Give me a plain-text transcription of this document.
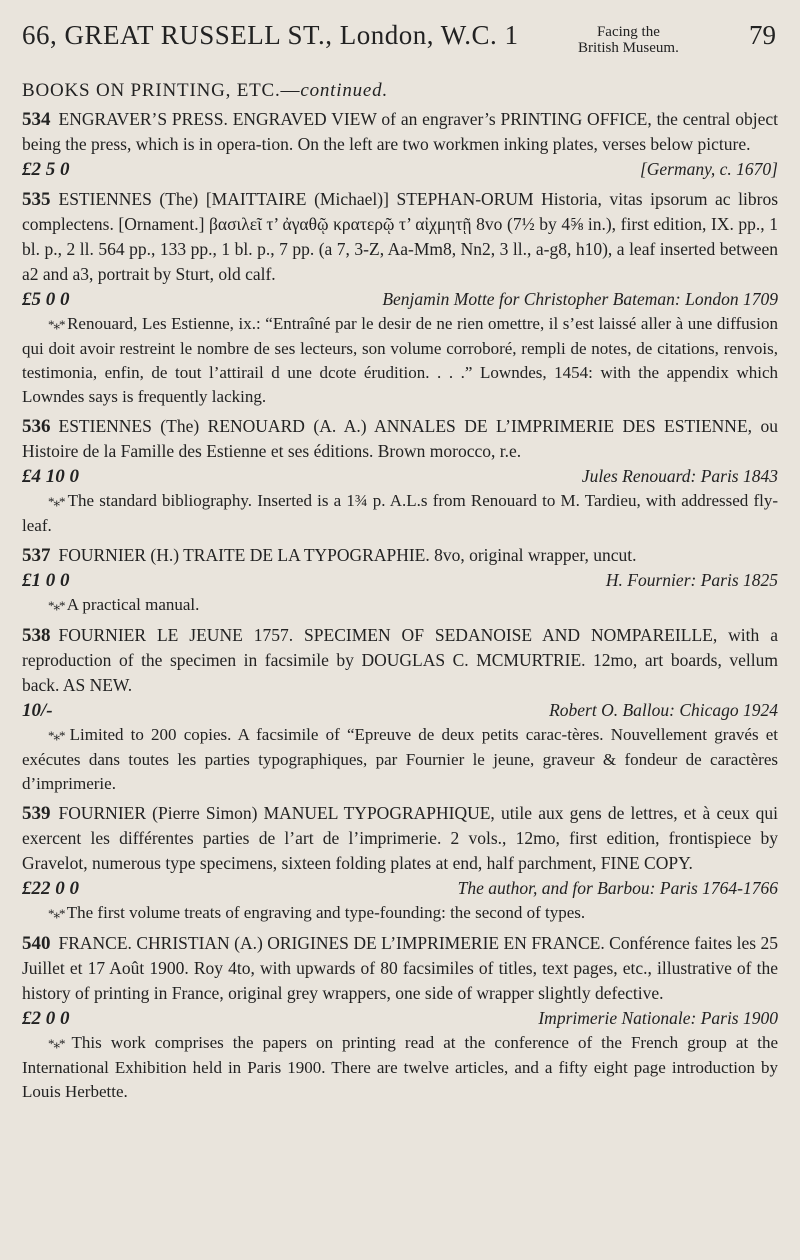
66, GREAT RUSSELL ST., London, W.C. 1	Facing the
British Museum.	79
BOOKS ON PRINTING, ETC.—continued.

534 ENGRAVER’S PRESS. ENGRAVED VIEW of an engraver’s PRINTING OFFICE, the central object being the press, which is in opera-tion. On the left are two workmen inking plates, verses below picture.

£2 5 0	[Germany, c. 1670]

535 ESTIENNES (The) [MAITTAIRE (Michael)] STEPHAN-ORUM Historia, vitas ipsorum ac libros complectens. [Ornament.] βασιλεῖ τ’ ἀγαθῷ κρατερῷ τ’ αἰχμητῇ 8vo (7½ by 4⅝ in.), first edition, IX. pp., 1 bl. p., 2 ll. 564 pp., 133 pp., 1 bl. p., 7 pp. (a 7, 3-Z, Aa-Mm8, Nn2, 3 ll., a-g8, h10), a leaf inserted between a2 and a3, portrait by Sturt, old calf.

£5 0 0	Benjamin Motte for Christopher Bateman: London 1709

*⁎* Renouard, Les Estienne, ix.: “Entraîné par le desir de ne rien omettre, il s’est laissé aller à une diffusion qui doit avoir restreint le nombre de ses lecteurs, son volume corroboré, rempli de notes, de citations, renvois, testimonia, enfin, de tout l’attirail d une dcote érudition. . . .” Lowndes, 1454: with the appendix which Lowndes says is frequently lacking.

536 ESTIENNES (The) RENOUARD (A. A.) ANNALES DE L’IMPRIMERIE DES ESTIENNE, ou Histoire de la Famille des Estienne et ses éditions. Brown morocco, r.e.

£4 10 0	Jules Renouard: Paris 1843

*⁎* The standard bibliography. Inserted is a 1¾ p. A.L.s from Renouard to M. Tardieu, with addressed fly-leaf.

537 FOURNIER (H.) TRAITE DE LA TYPOGRAPHIE. 8vo, original wrapper, uncut.

£1 0 0	H. Fournier: Paris 1825

*⁎* A practical manual.

538 FOURNIER LE JEUNE 1757. SPECIMEN OF SEDANOISE AND NOMPAREILLE, with a reproduction of the specimen in facsimile by DOUGLAS C. MCMURTRIE. 12mo, art boards, vellum back. AS NEW.

10/-	Robert O. Ballou: Chicago 1924

*⁎* Limited to 200 copies. A facsimile of “Epreuve de deux petits carac-tères. Nouvellement gravés et exécutes dans toutes les parties typographiques, par Fournier le jeune, graveur & fondeur de caractères d’imprimerie.

539 FOURNIER (Pierre Simon) MANUEL TYPOGRAPHIQUE, utile aux gens de lettres, et à ceux qui exercent les différentes parties de l’art de l’imprimerie. 2 vols., 12mo, first edition, frontispiece by Gravelot, numerous type specimens, sixteen folding plates at end, half parchment, FINE COPY.

£22 0 0	The author, and for Barbou: Paris 1764-1766

*⁎* The first volume treats of engraving and type-founding: the second of types.

540 FRANCE. CHRISTIAN (A.) ORIGINES DE L’IMPRIMERIE EN FRANCE. Conférence faites les 25 Juillet et 17 Août 1900. Roy 4to, with upwards of 80 facsimiles of titles, text pages, etc., illustrative of the history of printing in France, original grey wrappers, one side of wrapper slightly defective.

£2 0 0	Imprimerie Nationale: Paris 1900

*⁎* This work comprises the papers on printing read at the conference of the French group at the International Exhibition held in Paris 1900. There are twelve articles, and a fifty eight page introduction by Louis Herbette.
